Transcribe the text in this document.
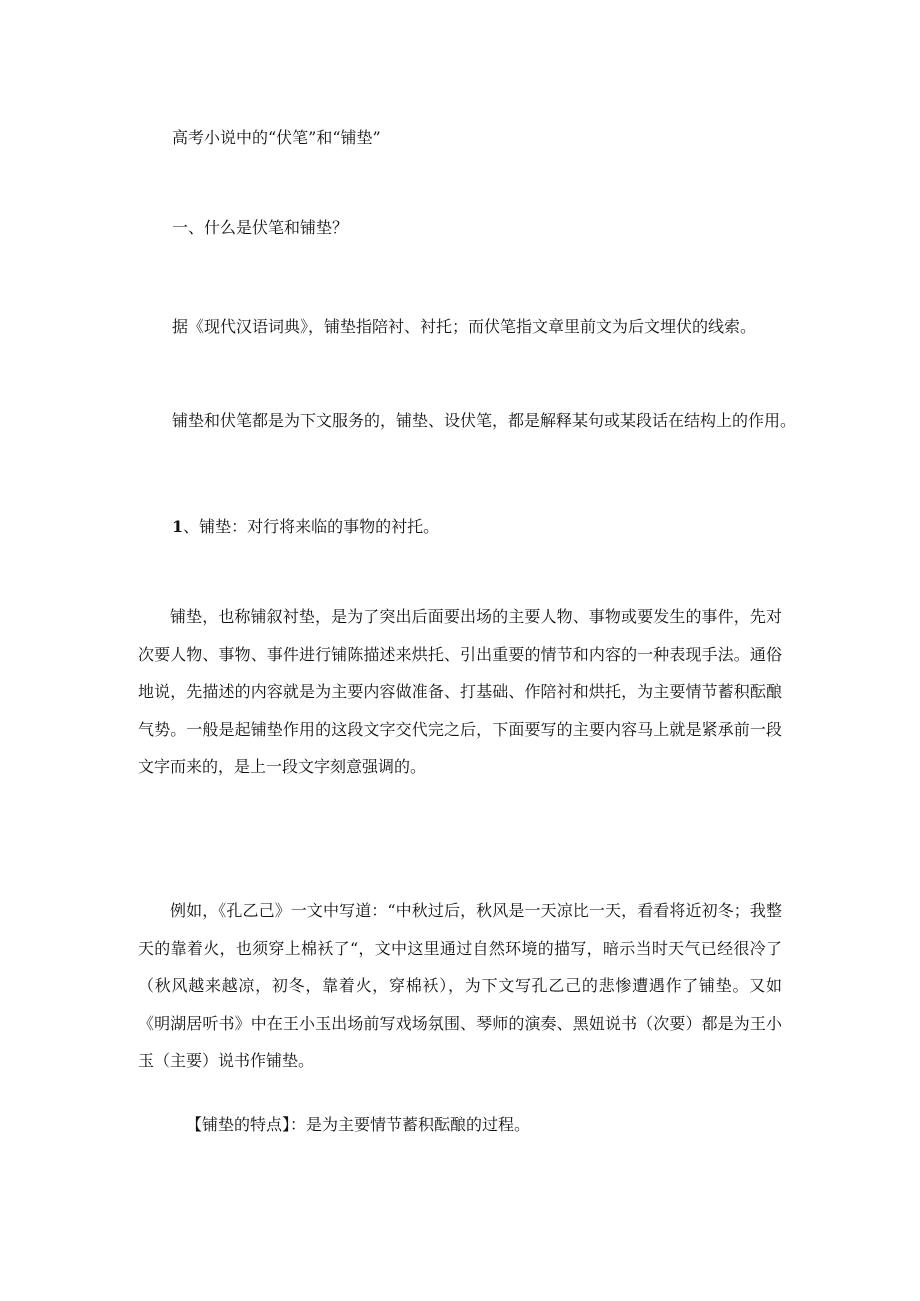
高考小说中的“伏笔”和“铺垫”

一、什么是伏笔和铺垫？

据《现代汉语词典》，铺垫指陪衬、衬托；而伏笔指文章里前文为后文埋伏的线索。

铺垫和伏笔都是为下文服务的，铺垫、设伏笔，都是解释某句或某段话在结构上的作用。

1、铺垫：对行将来临的事物的衬托。

铺垫，也称铺叙衬垫，是为了突出后面要出场的主要人物、事物或要发生的事件，先对次要人物、事物、事件进行铺陈描述来烘托、引出重要的情节和内容的一种表现手法。通俗地说，先描述的内容就是为主要内容做准备、打基础、作陪衬和烘托，为主要情节蓄积酝酿气势。一般是起铺垫作用的这段文字交代完之后，下面要写的主要内容马上就是紧承前一段文字而来的，是上一段文字刻意强调的。

例如，《孔乙己》一文中写道：“中秋过后，秋风是一天凉比一天，看看将近初冬；我整天的靠着火，也须穿上棉袄了“，文中这里通过自然环境的描写，暗示当时天气已经很冷了（秋风越来越凉，初冬，靠着火，穿棉袄），为下文写孔乙己的悲惨遭遇作了铺垫。又如《明湖居听书》中在王小玉出场前写戏场氛围、琴师的演奏、黑妞说书（次要）都是为王小玉（主要）说书作铺垫。

【铺垫的特点】：是为主要情节蓄积酝酿的过程。
